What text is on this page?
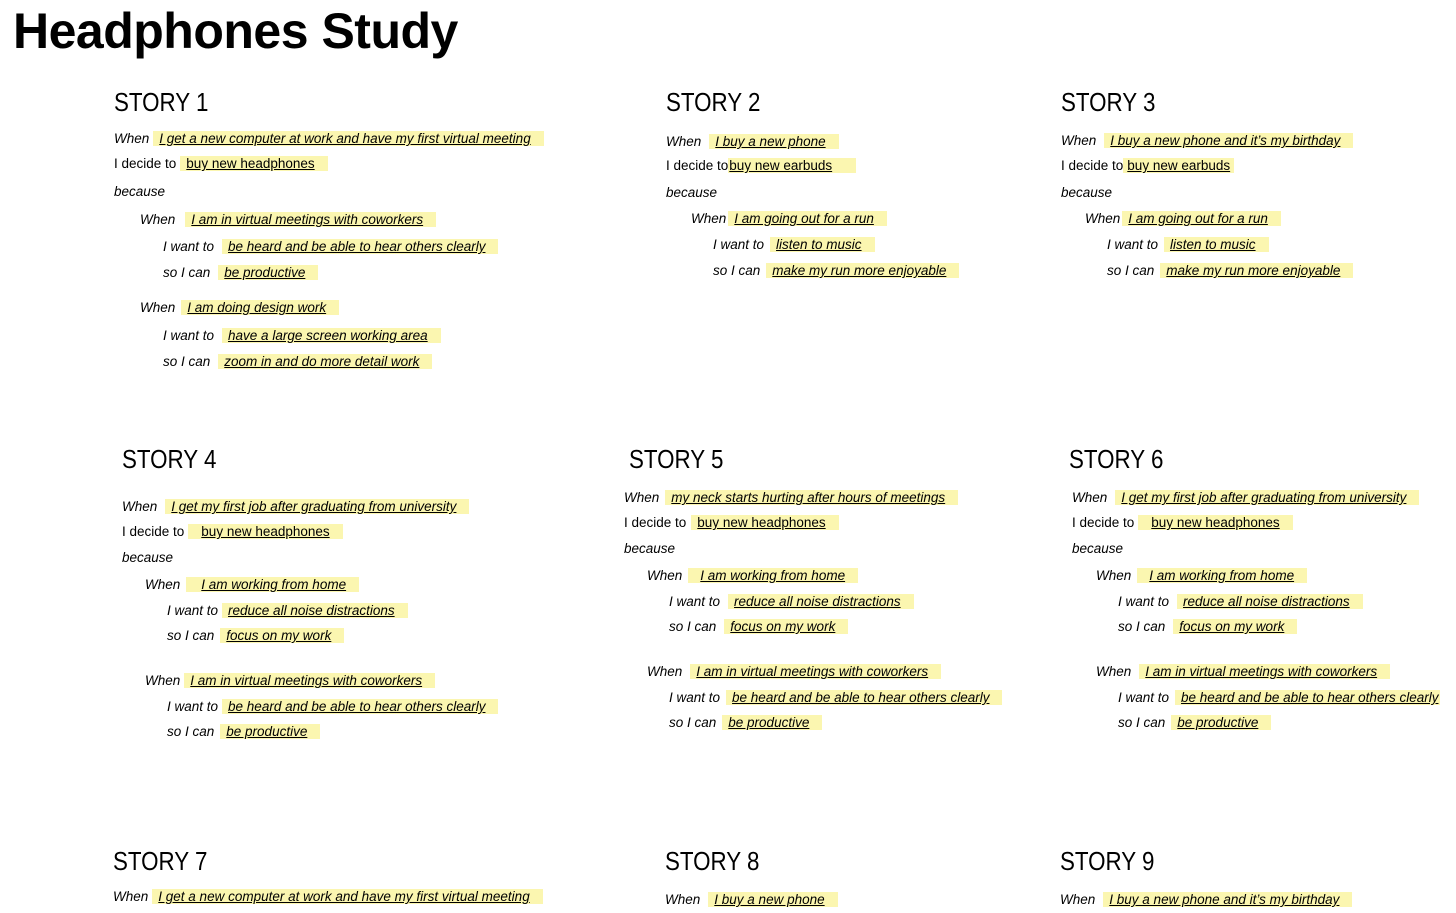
Headphones Study
STORY 1
When I get a new computer at work and have my first virtual meeting
I decide to buy new headphones
because
When I am in virtual meetings with coworkers
I want to be heard and be able to hear others clearly
so I can be productive
When I am doing design work
I want to have a large screen working area
so I can zoom in and do more detail work
STORY 2
When I buy a new phone
I decide tobuy new earbuds
because
When I am going out for a run
I want to listen to music
so I can make my run more enjoyable
STORY 3
When I buy a new phone and it’s my birthday
I decide to buy new earbuds
because
When I am going out for a run
I want to listen to music
so I can make my run more enjoyable
STORY 4
When I get my first job after graduating from university
I decide to buy new headphones
because
When I am working from home
I want to reduce all noise distractions
so I can focus on my work
When I am in virtual meetings with coworkers
I want to be heard and be able to hear others clearly
so I can be productive
STORY 5
When my neck starts hurting after hours of meetings
I decide to buy new headphones
because
When I am working from home
I want to reduce all noise distractions
so I can focus on my work
When I am in virtual meetings with coworkers
I want to be heard and be able to hear others clearly
so I can be productive
STORY 6
When I get my first job after graduating from university
I decide to buy new headphones
because
When I am working from home
I want to reduce all noise distractions
so I can focus on my work
When I am in virtual meetings with coworkers
I want to be heard and be able to hear others clearly
so I can be productive
STORY 7
When I get a new computer at work and have my first virtual meeting
STORY 8
When I buy a new phone
STORY 9
When I buy a new phone and it’s my birthday
